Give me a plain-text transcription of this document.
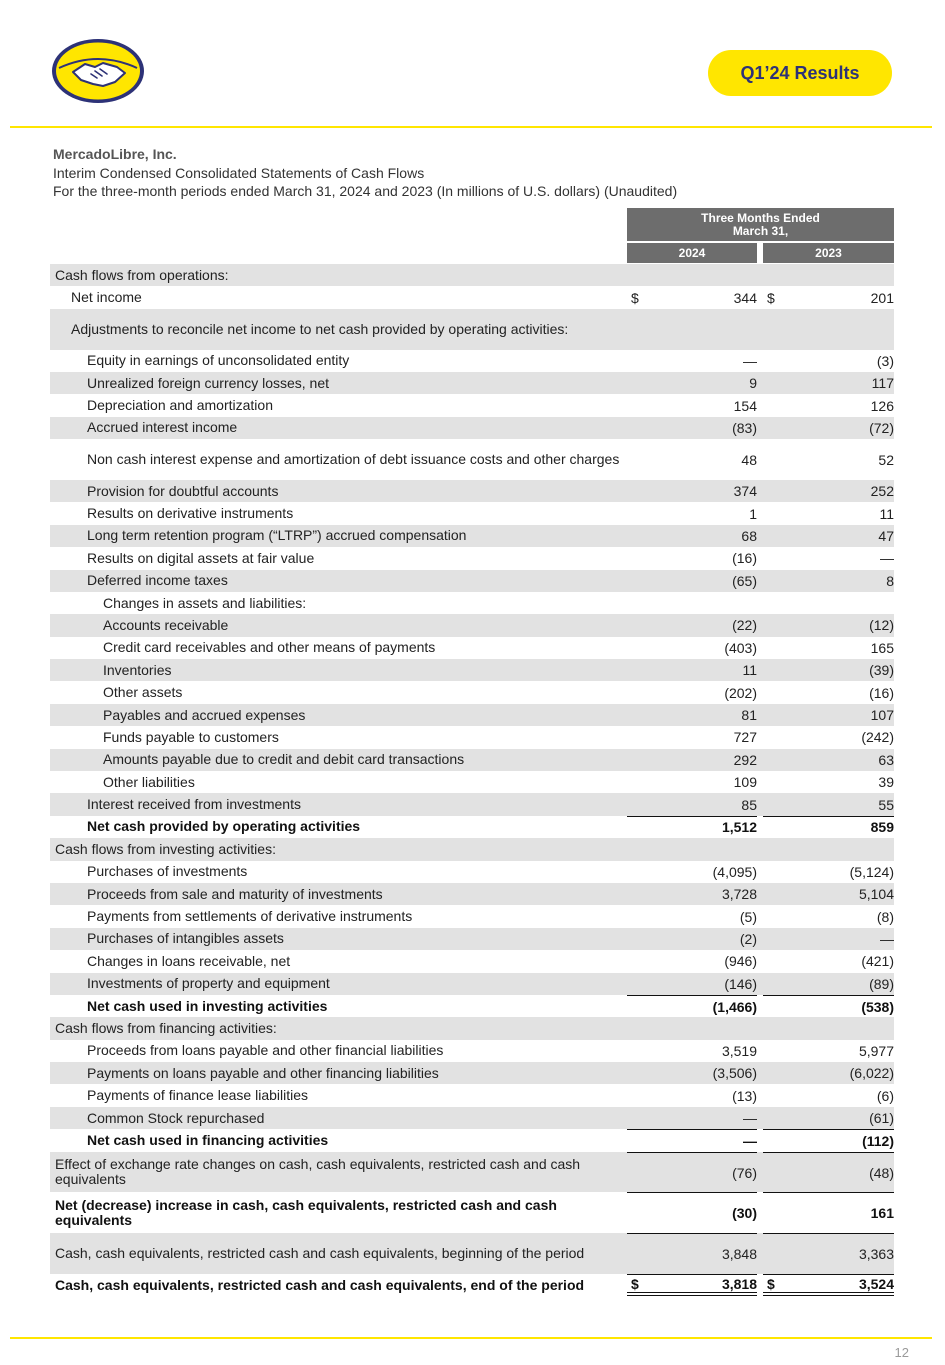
Q1’24 Results
MercadoLibre, Inc.
Interim Condensed Consolidated Statements of Cash Flows
For the three-month periods ended March 31, 2024 and 2023 (In millions of U.S. dollars) (Unaudited)
Three Months Ended
March 31,
2024	2023
Cash flows from operations:
Net income	$	344 $	201
Adjustments to reconcile net income to net cash provided by operating activities:
Equity in earnings of unconsolidated entity	—	(3)
Unrealized foreign currency losses, net	9	117
Depreciation and amortization	154	126
Accrued interest income	(83)	(72)
Non cash interest expense and amortization of debt issuance costs and other charges	48	52
Provision for doubtful accounts	374	252
Results on derivative instruments	1	11
Long term retention program (“LTRP”) accrued compensation	68	47
Results on digital assets at fair value	(16)	—
Deferred income taxes	(65)	8
Changes in assets and liabilities:
Accounts receivable	(22)	(12)
Credit card receivables and other means of payments	(403)	165
Inventories	11	(39)
Other assets	(202)	(16)
Payables and accrued expenses	81	107
Funds payable to customers	727	(242)
Amounts payable due to credit and debit card transactions	292	63
Other liabilities	109	39
Interest received from investments	85	55
Net cash provided by operating activities	1,512	859
Cash flows from investing activities:
Purchases of investments	(4,095)	(5,124)
Proceeds from sale and maturity of investments	3,728	5,104
Payments from settlements of derivative instruments	(5)	(8)
Purchases of intangibles assets	(2)	—
Changes in loans receivable, net	(946)	(421)
Investments of property and equipment	(146)	(89)
Net cash used in investing activities	(1,466)	(538)
Cash flows from financing activities:
Proceeds from loans payable and other financial liabilities	3,519	5,977
Payments on loans payable and other financing liabilities	(3,506)	(6,022)
Payments of finance lease liabilities	(13)	(6)
Common Stock repurchased	—	(61)
Net cash used in financing activities	—	(112)
Effect of exchange rate changes on cash, cash equivalents, restricted cash and cash equivalents	(76)	(48)
Net (decrease) increase in cash, cash equivalents, restricted cash and cash equivalents	(30)	161
Cash, cash equivalents, restricted cash and cash equivalents, beginning of the period	3,848	3,363
Cash, cash equivalents, restricted cash and cash equivalents, end of the period	$	3,818 $	3,524
12
